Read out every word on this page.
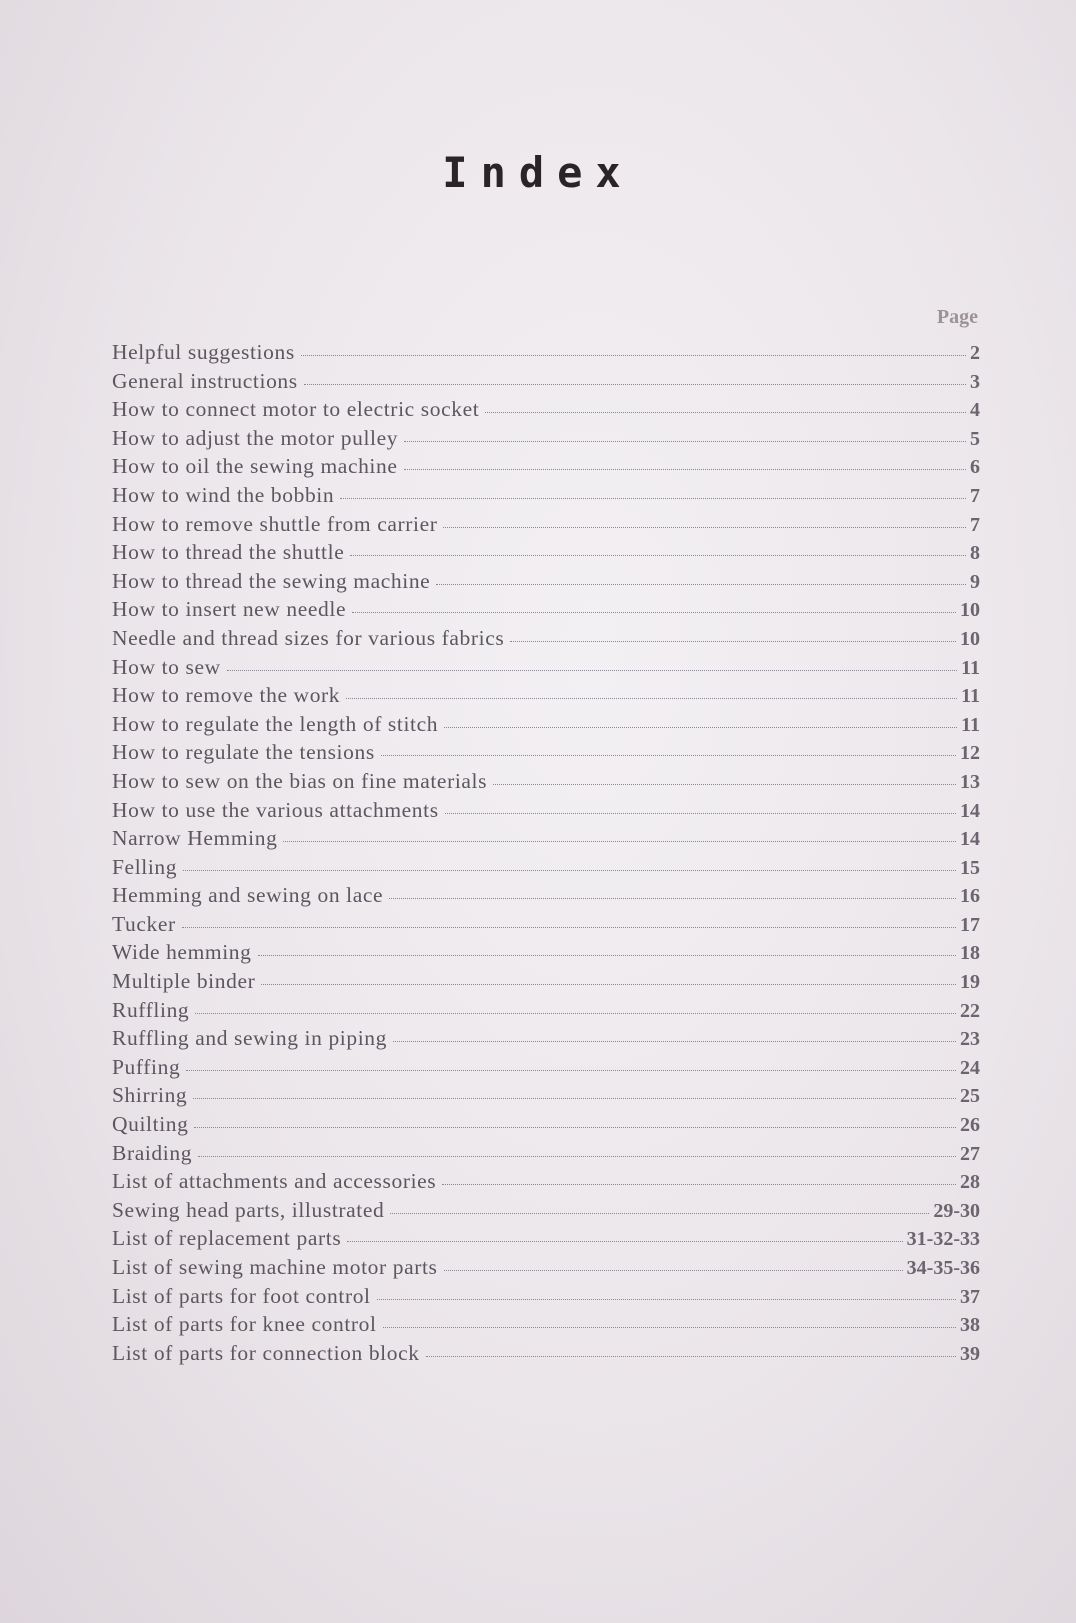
Index
Page
Helpful suggestions	2
General instructions	3
How to connect motor to electric socket	4
How to adjust the motor pulley	5
How to oil the sewing machine	6
How to wind the bobbin	7
How to remove shuttle from carrier	7
How to thread the shuttle	8
How to thread the sewing machine	9
How to insert new needle	10
Needle and thread sizes for various fabrics	10
How to sew	11
How to remove the work	11
How to regulate the length of stitch	11
How to regulate the tensions	12
How to sew on the bias on fine materials	13
How to use the various attachments	14
Narrow Hemming	14
Felling	15
Hemming and sewing on lace	16
Tucker	17
Wide hemming	18
Multiple binder	19
Ruffling	22
Ruffling and sewing in piping	23
Puffing	24
Shirring	25
Quilting	26
Braiding	27
List of attachments and accessories	28
Sewing head parts, illustrated	29-30
List of replacement parts	31-32-33
List of sewing machine motor parts	34-35-36
List of parts for foot control	37
List of parts for knee control	38
List of parts for connection block	39
